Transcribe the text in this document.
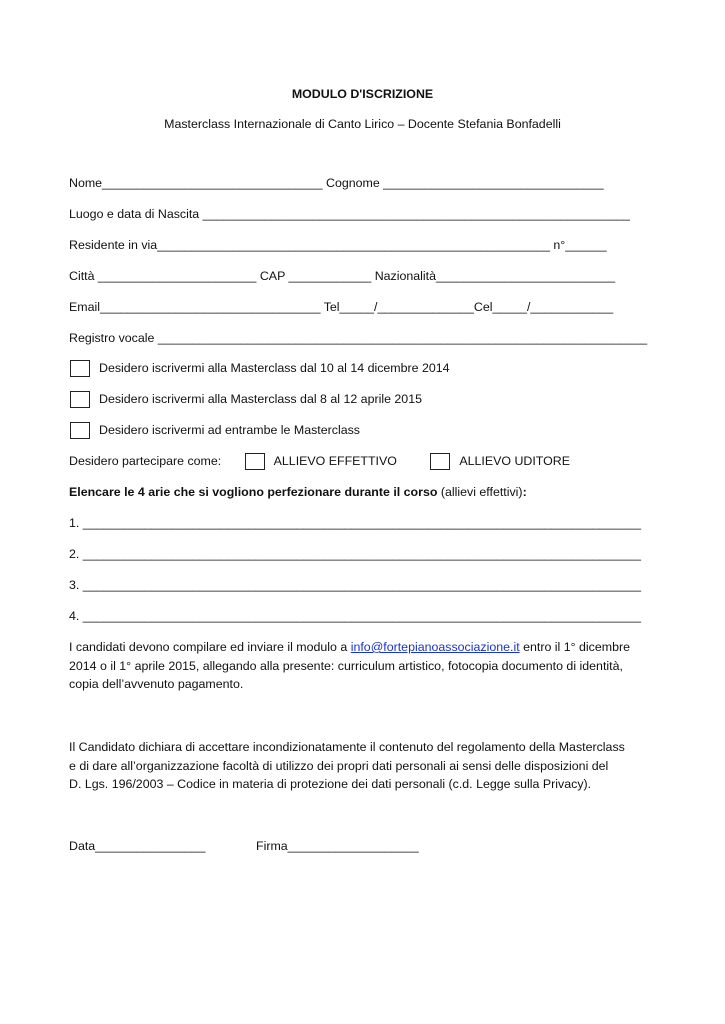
MODULO D'ISCRIZIONE
Masterclass Internazionale di Canto Lirico – Docente Stefania Bonfadelli
Nome________________________________ Cognome ________________________________
Luogo e data di Nascita ______________________________________________________________
Residente in via_________________________________________________________ n°______
Città _______________________ CAP ____________ Nazionalità__________________________
Email________________________________ Tel_____/______________Cel_____/____________
Registro vocale _______________________________________________________________________
Desidero iscrivermi alla Masterclass dal 10 al 14 dicembre 2014
Desidero iscrivermi alla Masterclass dal 8 al 12 aprile 2015
Desidero iscrivermi ad entrambe le Masterclass
Desidero partecipare come:	ALLIEVO EFFETTIVO	ALLIEVO UDITORE
Elencare le 4 arie che si vogliono perfezionare durante il corso (allievi effettivi):
1. _________________________________________________________________________________
2. _________________________________________________________________________________
3. _________________________________________________________________________________
4. _________________________________________________________________________________
I candidati devono compilare ed inviare il modulo a info@fortepianoassociazione.it entro il 1° dicembre
2014 o il 1° aprile 2015, allegando alla presente: curriculum artistico, fotocopia documento di identità,
copia dell’avvenuto pagamento.
Il Candidato dichiara di accettare incondizionatamente il contenuto del regolamento della Masterclass
e di dare all’organizzazione facoltà di utilizzo dei propri dati personali ai sensi delle disposizioni del
D. Lgs. 196/2003 – Codice in materia di protezione dei dati personali (c.d. Legge sulla Privacy).
Data________________	Firma___________________
